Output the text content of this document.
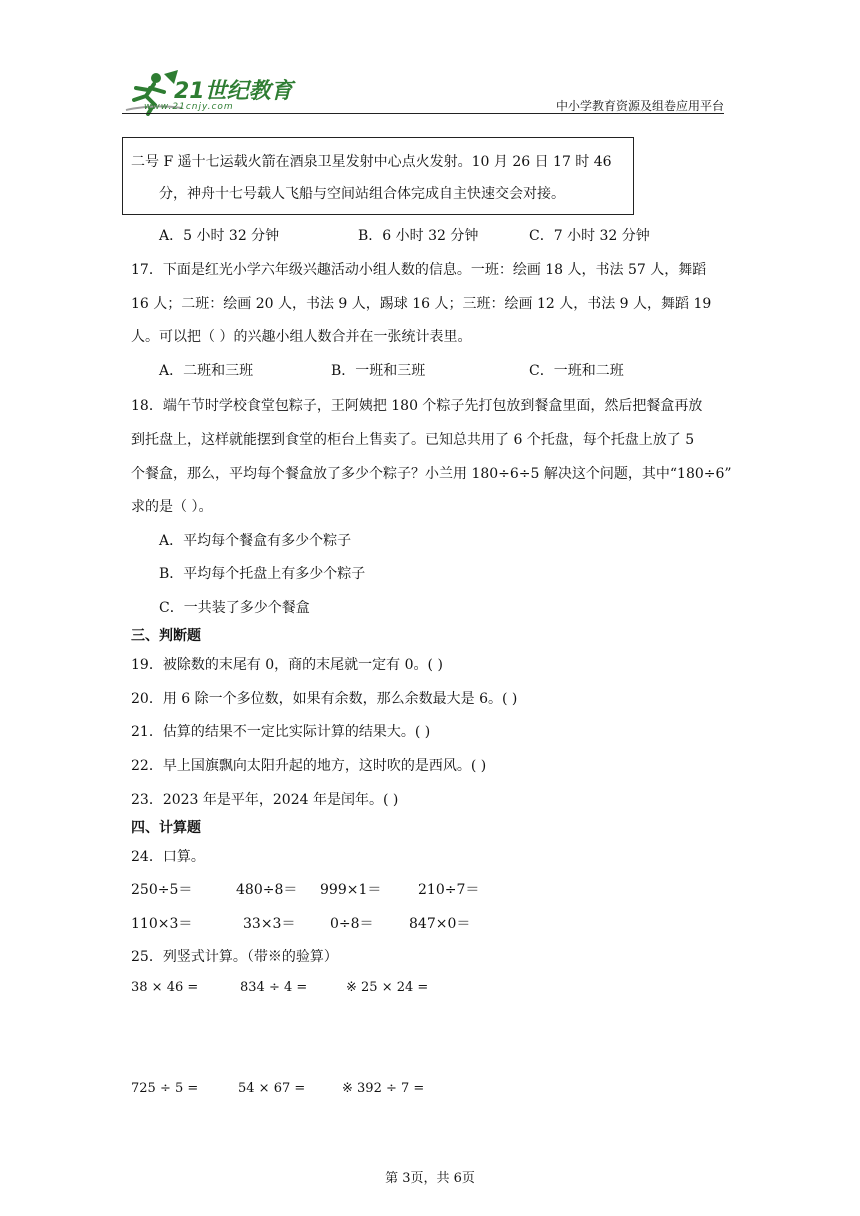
21世纪教育
www.21cnjy.com	中小学教育资源及组卷应用平台
二号 F 遥十七运载火箭在酒泉卫星发射中心点火发射。10 月 26 日 17 时 46
分，神舟十七号载人飞船与空间站组合体完成自主快速交会对接。
A．5 小时 32 分钟	B．6 小时 32 分钟	C．7 小时 32 分钟
17．下面是红光小学六年级兴趣活动小组人数的信息。一班：绘画 18 人，书法 57 人，舞蹈
16 人；二班：绘画 20 人，书法 9 人，踢球 16 人；三班：绘画 12 人，书法 9 人，舞蹈 19
人。可以把（ ）的兴趣小组人数合并在一张统计表里。
A．二班和三班	B．一班和三班	C．一班和二班
18．端午节时学校食堂包粽子，王阿姨把 180 个粽子先打包放到餐盒里面，然后把餐盒再放
到托盘上，这样就能摆到食堂的柜台上售卖了。已知总共用了 6 个托盘，每个托盘上放了 5
个餐盒，那么，平均每个餐盒放了多少个粽子？小兰用 180÷6÷5 解决这个问题，其中“180÷6”
求的是（ ）。
A．平均每个餐盒有多少个粽子
B．平均每个托盘上有多少个粽子
C．一共装了多少个餐盒
三、判断题
19．被除数的末尾有 0，商的末尾就一定有 0。( )
20．用 6 除一个多位数，如果有余数，那么余数最大是 6。( )
21．估算的结果不一定比实际计算的结果大。( )
22．早上国旗飘向太阳升起的地方，这时吹的是西风。( )
23．2023 年是平年，2024 年是闰年。( )
四、计算题
24．口算。
250÷5＝	480÷8＝ 999×1＝	210÷7＝
110×3＝	33×3＝ 0÷8＝	847×0＝
25．列竖式计算。（带※的验算）
38 × 46 =	834 ÷ 4 =	※ 25 × 24 =
725 ÷ 5 =	54 × 67 =	※ 392 ÷ 7 =
第 3页，共 6页
